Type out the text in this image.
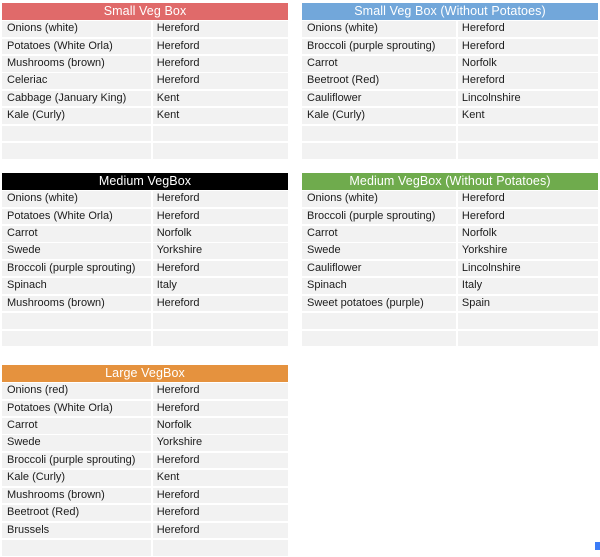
Small Veg Box
Onions (white)	Hereford
Potatoes (White Orla)	Hereford
Mushrooms (brown)	Hereford
Celeriac	Hereford
Cabbage (January King)	Kent
Kale (Curly)	Kent
Small Veg Box (Without Potatoes)
Onions (white)	Hereford
Broccoli (purple sprouting)	Hereford
Carrot	Norfolk
Beetroot (Red)	Hereford
Cauliflower	Lincolnshire
Kale (Curly)	Kent
Medium VegBox
Onions (white)	Hereford
Potatoes (White Orla)	Hereford
Carrot	Norfolk
Swede	Yorkshire
Broccoli (purple sprouting)	Hereford
Spinach	Italy
Mushrooms (brown)	Hereford
Medium VegBox (Without Potatoes)
Onions (white)	Hereford
Broccoli (purple sprouting)	Hereford
Carrot	Norfolk
Swede	Yorkshire
Cauliflower	Lincolnshire
Spinach	Italy
Sweet potatoes (purple)	Spain
Large VegBox
Onions (red)	Hereford
Potatoes (White Orla)	Hereford
Carrot	Norfolk
Swede	Yorkshire
Broccoli (purple sprouting)	Hereford
Kale (Curly)	Kent
Mushrooms (brown)	Hereford
Beetroot (Red)	Hereford
Brussels	Hereford
